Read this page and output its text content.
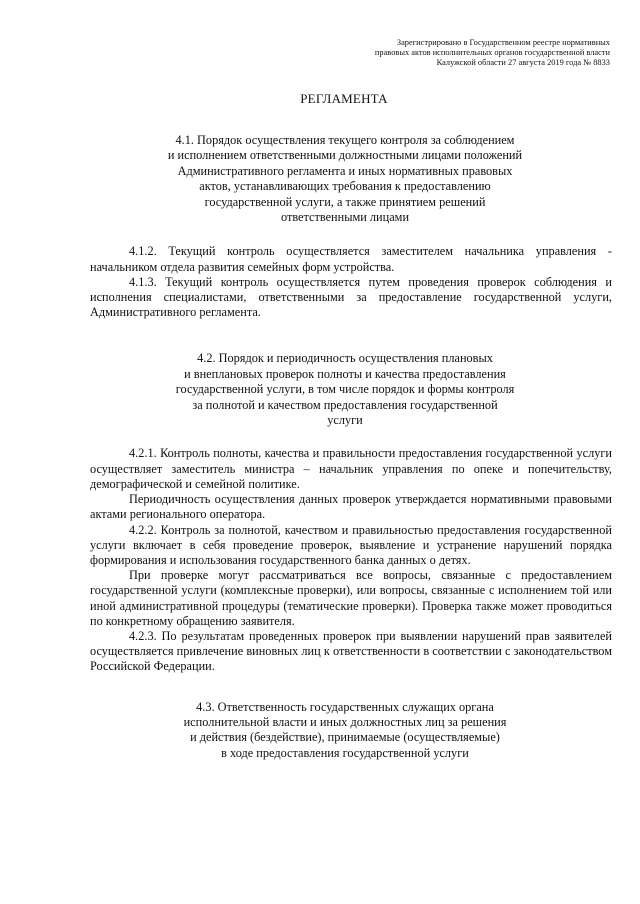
Зарегистрировано в Государственном реестре нормативных
правовых актов исполнительных органов государственной власти
Калужской области 27 августа 2019 года № 8833
РЕГЛАМЕНТА
4.1. Порядок осуществления текущего контроля за соблюдением
и исполнением ответственными должностными лицами положений
Административного регламента и иных нормативных правовых
актов, устанавливающих требования к предоставлению
государственной услуги, а также принятием решений
ответственными лицами

4.1.2. Текущий контроль осуществляется заместителем начальника управления - начальником отдела развития семейных форм устройства.

4.1.3. Текущий контроль осуществляется путем проведения проверок соблюдения и исполнения специалистами, ответственными за предоставление государственной услуги, Административного регламента.

4.2. Порядок и периодичность осуществления плановых
и внеплановых проверок полноты и качества предоставления
государственной услуги, в том числе порядок и формы контроля
за полнотой и качеством предоставления государственной
услуги

4.2.1. Контроль полноты, качества и правильности предоставления государственной услуги осуществляет заместитель министра – начальник управления по опеке и попечительству, демографической и семейной политике.

Периодичность осуществления данных проверок утверждается нормативными правовыми актами регионального оператора.

4.2.2. Контроль за полнотой, качеством и правильностью предоставления государственной услуги включает в себя проведение проверок, выявление и устранение нарушений порядка формирования и использования государственного банка данных о детях.

При проверке могут рассматриваться все вопросы, связанные с предоставлением государственной услуги (комплексные проверки), или вопросы, связанные с исполнением той или иной административной процедуры (тематические проверки). Проверка также может проводиться по конкретному обращению заявителя.

4.2.3. По результатам проведенных проверок при выявлении нарушений прав заявителей осуществляется привлечение виновных лиц к ответственности в соответствии с законодательством Российской Федерации.

4.3. Ответственность государственных служащих органа
исполнительной власти и иных должностных лиц за решения
и действия (бездействие), принимаемые (осуществляемые)
в ходе предоставления государственной услуги
